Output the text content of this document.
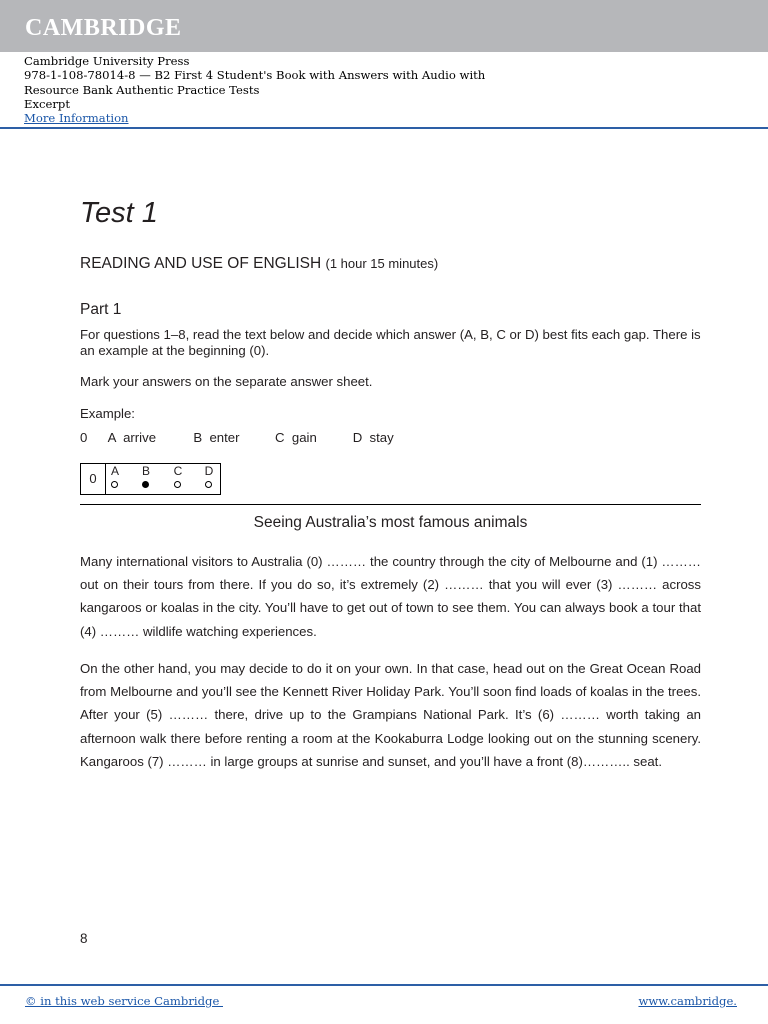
CAMBRIDGE
Cambridge University Press
978-1-108-78014-8 — B2 First 4 Student's Book with Answers with Audio with
Resource Bank Authentic Practice Tests
Excerpt
More Information
Test 1
READING AND USE OF ENGLISH (1 hour 15 minutes)
Part 1
For questions 1–8, read the text below and decide which answer (A, B, C or D) best fits each gap. There is an example at the beginning (0).
Mark your answers on the separate answer sheet.
Example:
0 A  arrive	B  enter	C  gain	D  stay
0	A B C D
Seeing Australia’s most famous animals
Many international visitors to Australia (0) ……… the country through the city of Melbourne and (1) ……… out on their tours from there. If you do so, it’s extremely (2) ……… that you will ever (3) ……… across kangaroos or koalas in the city. You’ll have to get out of town to see them. You can always book a tour that (4) ……… wildlife watching experiences.
On the other hand, you may decide to do it on your own. In that case, head out on the Great Ocean Road from Melbourne and you’ll see the Kennett River Holiday Park. You’ll soon find loads of koalas in the trees. After your (5) ……… there, drive up to the Grampians National Park. It’s (6) ……… worth taking an afternoon walk there before renting a room at the Kookaburra Lodge looking out on the stunning scenery. Kangaroos (7) ……… in large groups at sunrise and sunset, and you’ll have a front (8)……….. seat.
8
© in this web service Cambridge	www.cambridge.
